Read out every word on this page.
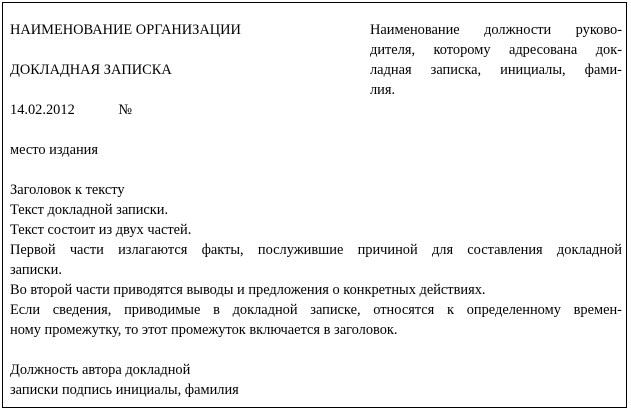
НАИМЕНОВАНИЕ ОРГАНИЗАЦИИ
ДОКЛАДНАЯ ЗАПИСКА
Наименование должности руково-
дителя, которому адресована док-
ладная записка, инициалы, фами-
лия.
14.02.2012	№
место издания
Заголовок к тексту
Текст докладной записки.
Текст состоит из двух частей.
Первой части излагаются факты, послужившие причиной для составления докладной
записки.
Во второй части приводятся выводы и предложения о конкретных действиях.
Если сведения, приводимые в докладной записке, относятся к определенному времен-
ному промежутку, то этот промежуток включается в заголовок.
Должность автора докладной
записки подпись инициалы, фамилия
